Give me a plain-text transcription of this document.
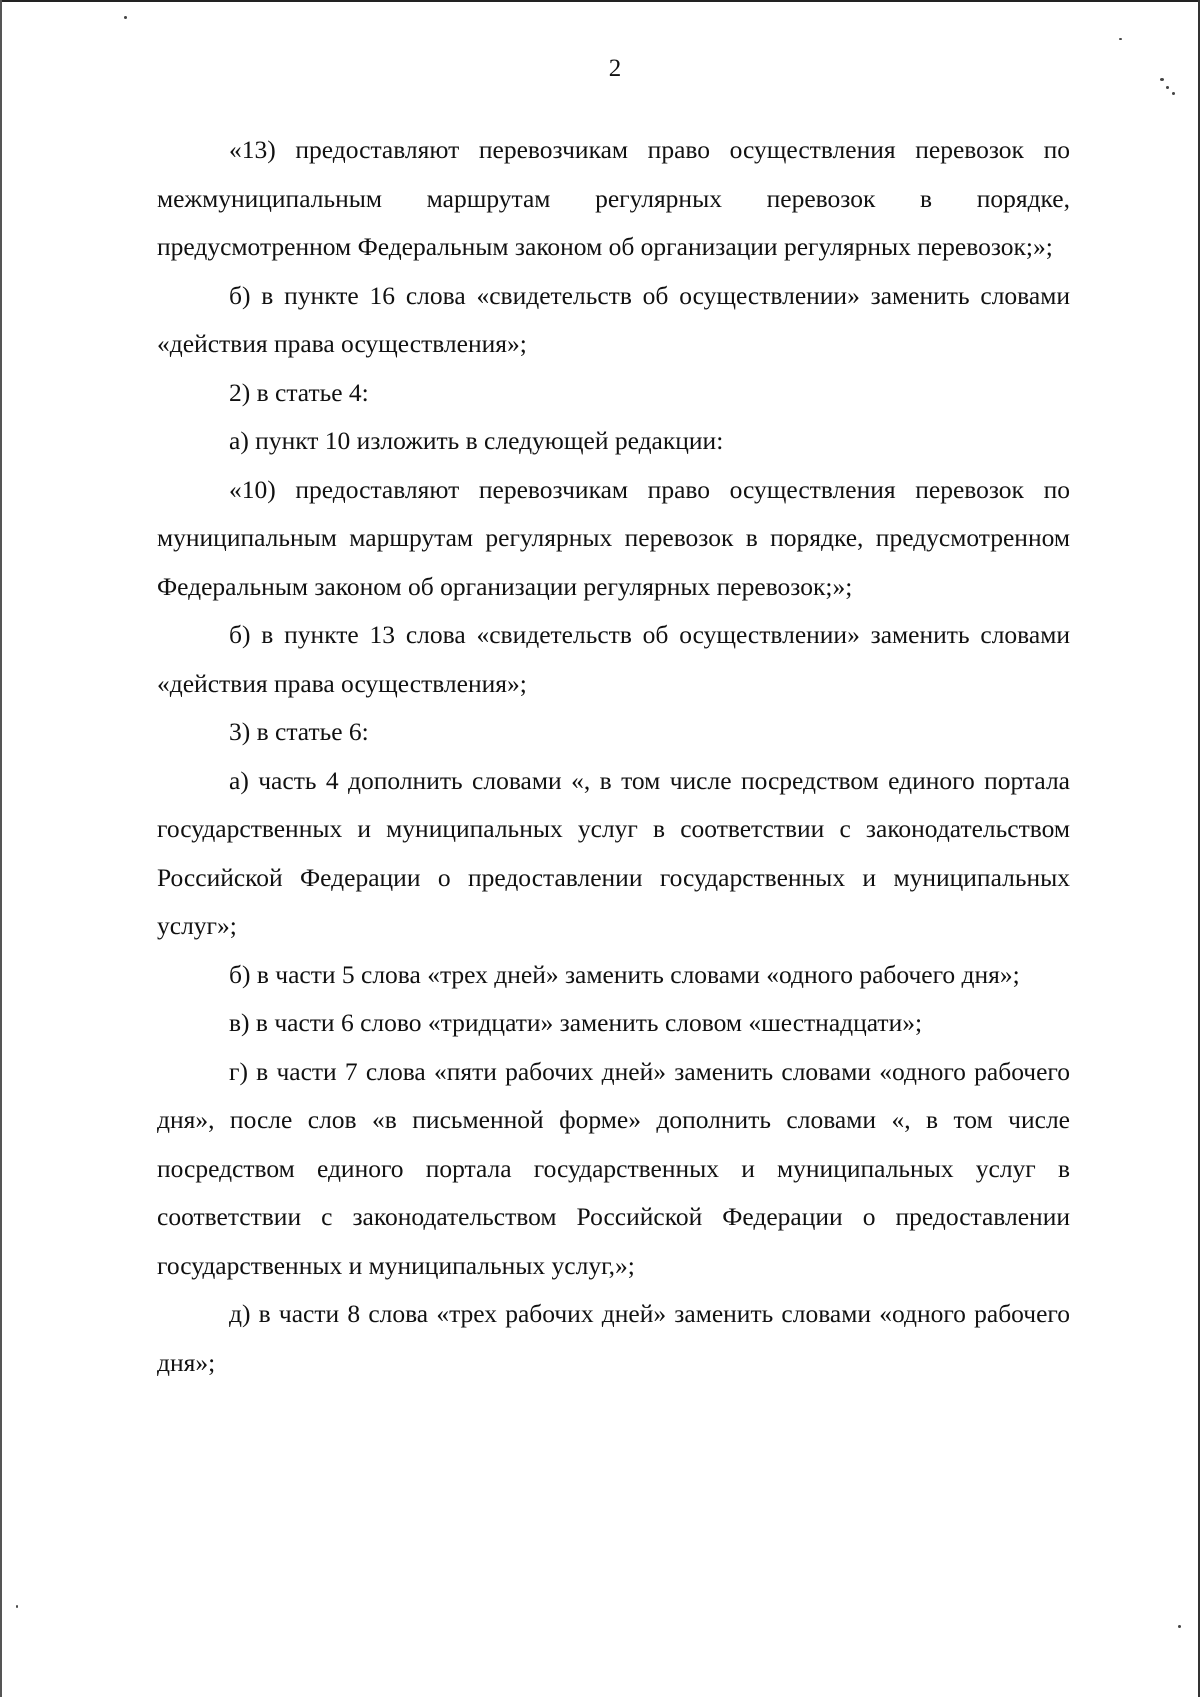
2

«13) предоставляют перевозчикам право осуществления перевозок по межмуниципальным маршрутам регулярных перевозок в порядке, предусмотренном Федеральным законом об организации регулярных перевозок;»;

б) в пункте 16 слова «свидетельств об осуществлении» заменить словами «действия права осуществления»;

2) в статье 4:

а) пункт 10 изложить в следующей редакции:

«10) предоставляют перевозчикам право осуществления перевозок по муниципальным маршрутам регулярных перевозок в порядке, предусмотренном Федеральным законом об организации регулярных перевозок;»;

б) в пункте 13 слова «свидетельств об осуществлении» заменить словами «действия права осуществления»;

3) в статье 6:

а) часть 4 дополнить словами «, в том числе посредством единого портала государственных и муниципальных услуг в соответствии с законодательством Российской Федерации о предоставлении государственных и муниципальных услуг»;

б) в части 5 слова «трех дней» заменить словами «одного рабочего дня»;

в) в части 6 слово «тридцати» заменить словом «шестнадцати»;

г) в части 7 слова «пяти рабочих дней» заменить словами «одного рабочего дня», после слов «в письменной форме» дополнить словами «, в том числе посредством единого портала государственных и муниципальных услуг в соответствии с законодательством Российской Федерации о предоставлении государственных и муниципальных услуг,»;

д) в части 8 слова «трех рабочих дней» заменить словами «одного рабочего дня»;
